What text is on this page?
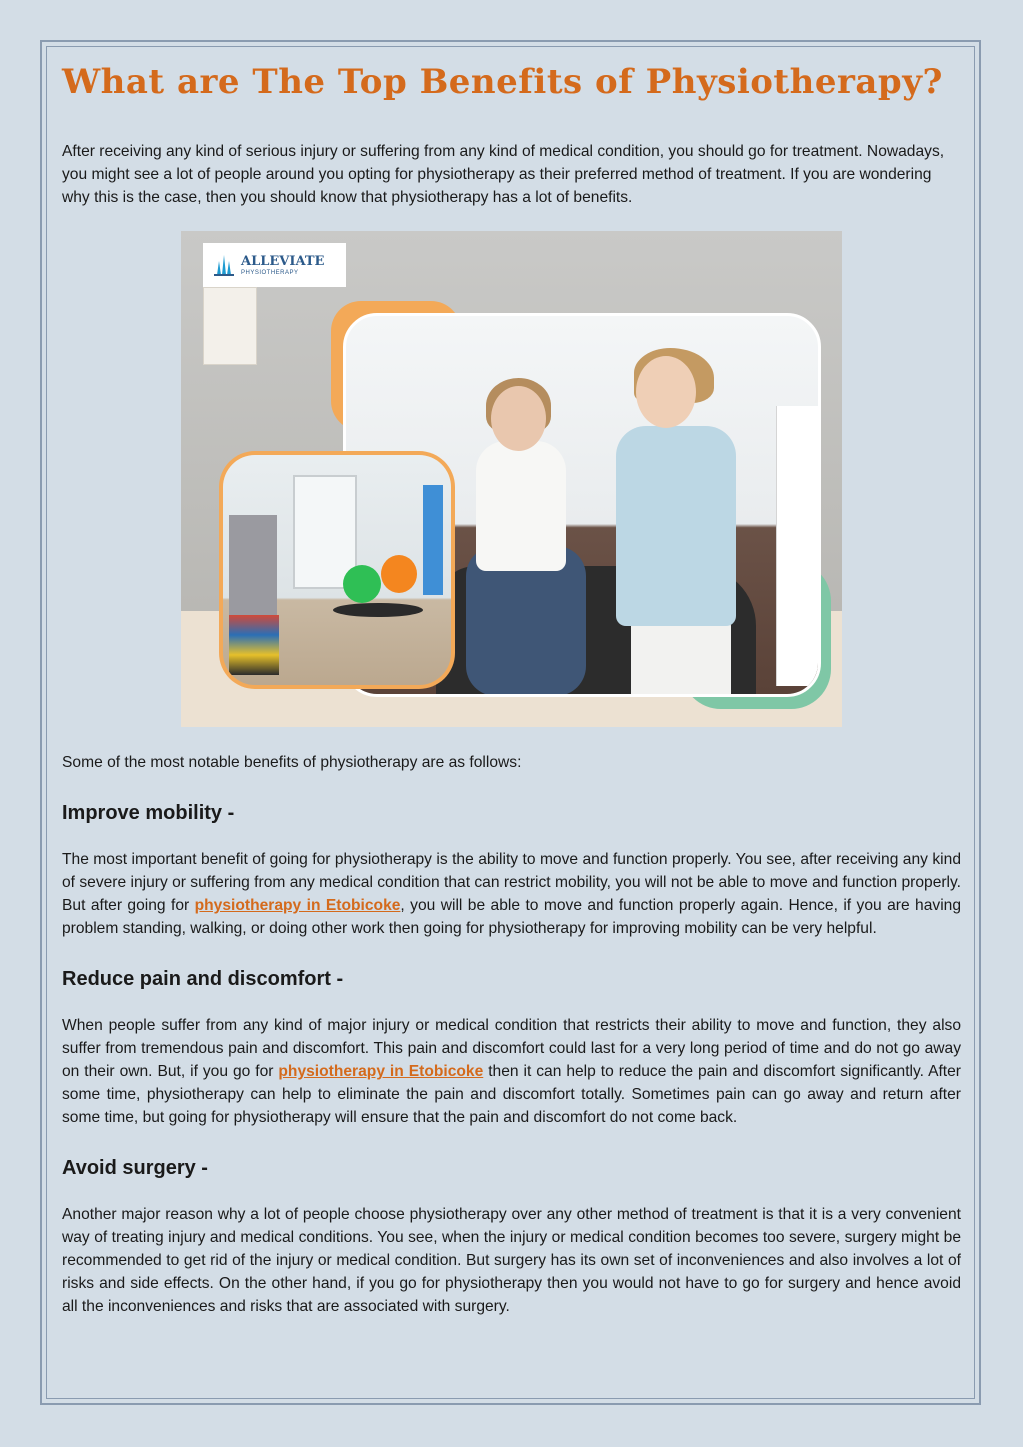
What are The Top Benefits of Physiotherapy?

After receiving any kind of serious injury or suffering from any kind of medical condition, you should go for treatment. Nowadays, you might see a lot of people around you opting for physiotherapy as their preferred method of treatment. If you are wondering why this is the case, then you should know that physiotherapy has a lot of benefits.

ALLEVIATE
PHYSIOTHERAPY

Some of the most notable benefits of physiotherapy are as follows:

Improve mobility -

The most important benefit of going for physiotherapy is the ability to move and function properly. You see, after receiving any kind of severe injury or suffering from any medical condition that can restrict mobility, you will not be able to move and function properly. But after going for physiotherapy in Etobicoke, you will be able to move and function properly again. Hence, if you are having problem standing, walking, or doing other work then going for physiotherapy for improving mobility can be very helpful.

Reduce pain and discomfort -

When people suffer from any kind of major injury or medical condition that restricts their ability to move and function, they also suffer from tremendous pain and discomfort. This pain and discomfort could last for a very long period of time and do not go away on their own. But, if you go for physiotherapy in Etobicoke then it can help to reduce the pain and discomfort significantly. After some time, physiotherapy can help to eliminate the pain and discomfort totally. Sometimes pain can go away and return after some time, but going for physiotherapy will ensure that the pain and discomfort do not come back.

Avoid surgery -

Another major reason why a lot of people choose physiotherapy over any other method of treatment is that it is a very convenient way of treating injury and medical conditions. You see, when the injury or medical condition becomes too severe, surgery might be recommended to get rid of the injury or medical condition. But surgery has its own set of inconveniences and also involves a lot of risks and side effects. On the other hand, if you go for physiotherapy then you would not have to go for surgery and hence avoid all the inconveniences and risks that are associated with surgery.
